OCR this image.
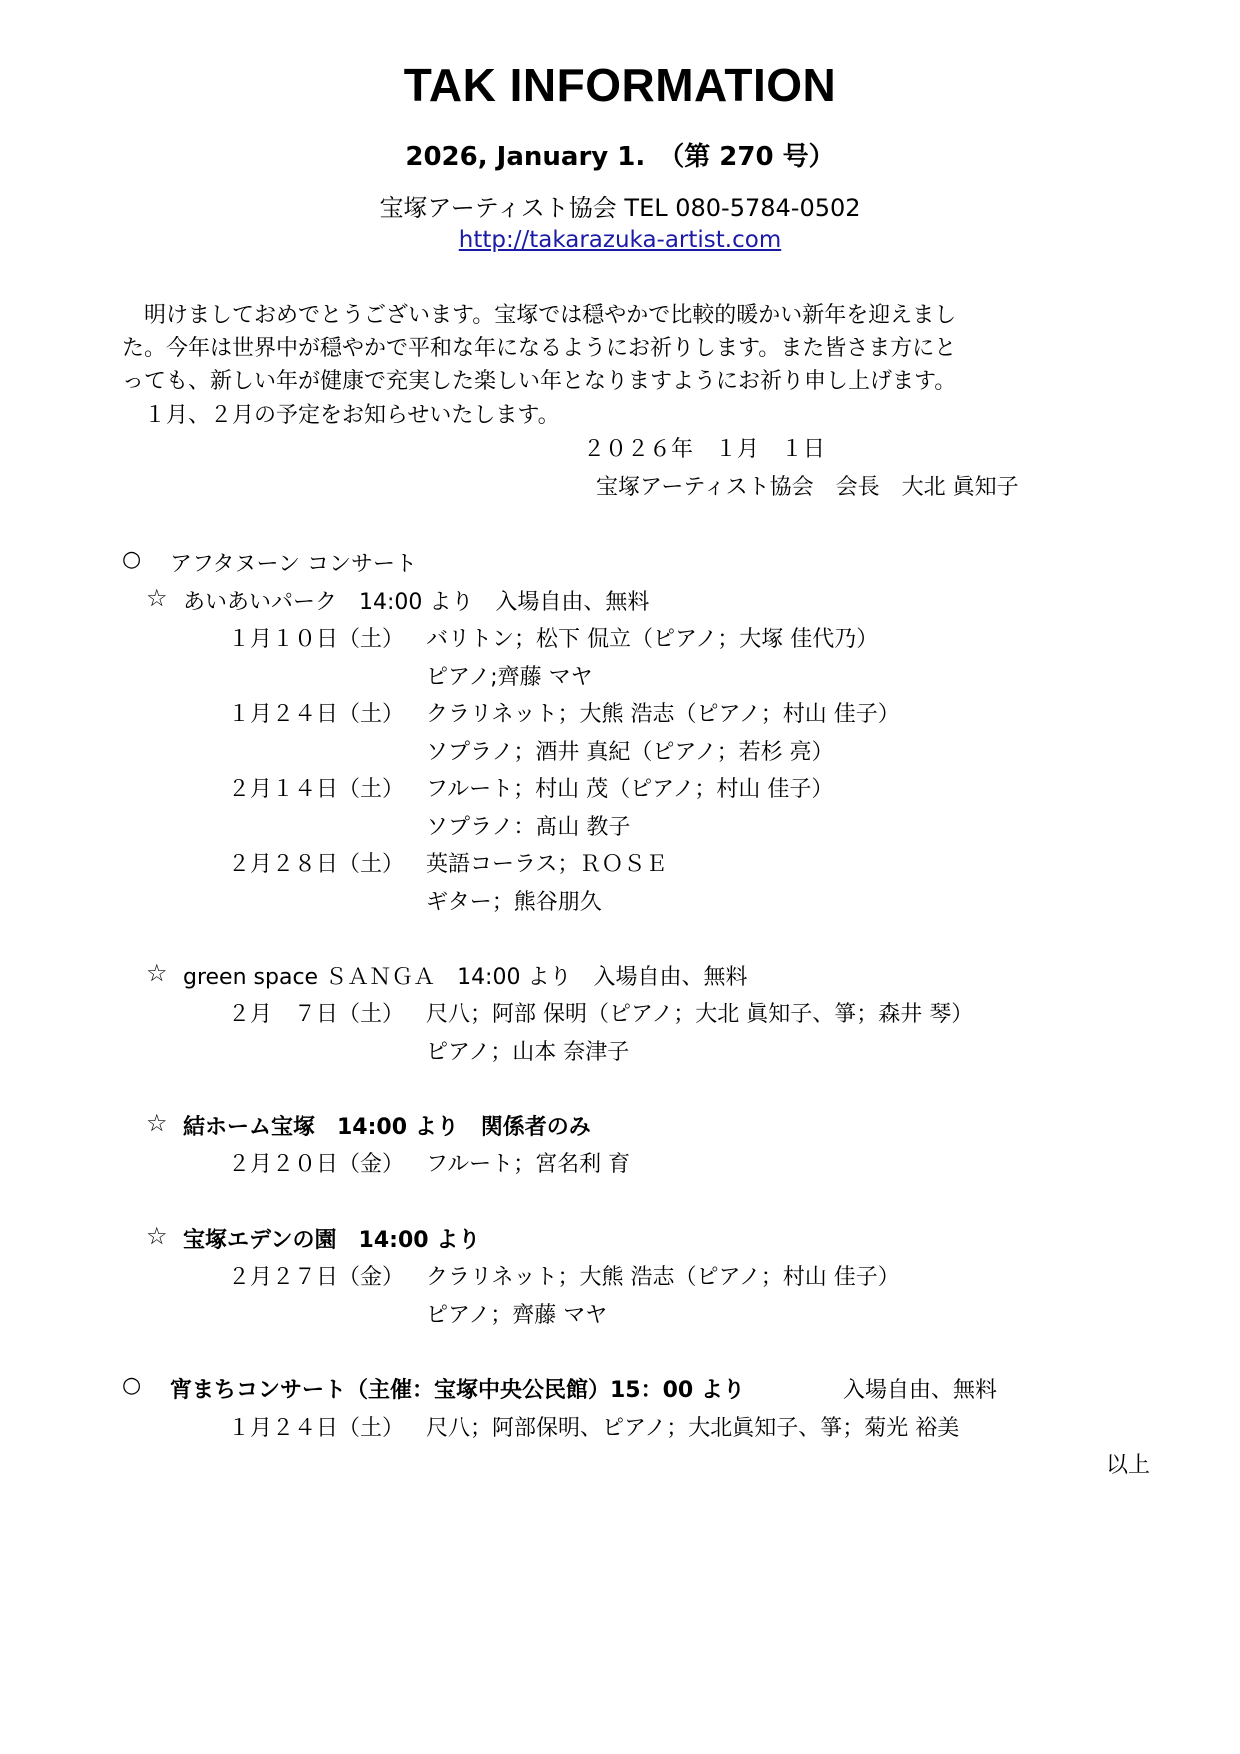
TAK INFORMATION
2026, January 1.　（第 270 号）
宝塚アーティスト協会 TEL 080-5784-0502
http://takarazuka-artist.com
　明けましておめでとうございます。宝塚では穏やかで比較的暖かい新年を迎えまし
た。今年は世界中が穏やかで平和な年になるようにお祈りします。また皆さま方にと
っても、新しい年が健康で充実した楽しい年となりますようにお祈り申し上げます。
　１月、２月の予定をお知らせいたします。
２０２６年　１月　１日
宝塚アーティスト協会　会長　大北 眞知子
○ アフタヌーン コンサート
☆ あいあいパーク　14:00 より　入場自由、無料
１月１０日（土） バリトン；松下 侃立（ピアノ；大塚 佳代乃）
ピアノ;齊藤 マヤ
１月２４日（土） クラリネット；大熊 浩志（ピアノ；村山 佳子）
ソプラノ；酒井 真紀（ピアノ；若杉 亮）
２月１４日（土） フルート；村山 茂（ピアノ；村山 佳子）
ソプラノ：髙山 教子
２月２８日（土） 英語コーラス；ＲＯＳＥ
ギター；熊谷朋久
☆ green space ＳＡＮＧＡ　14:00 より　入場自由、無料
２月　７日（土） 尺八；阿部 保明（ピアノ；大北 眞知子、箏；森井 琴）
ピアノ；山本 奈津子
☆ 結ホーム宝塚　14:00 より　関係者のみ
２月２０日（金） フルート；宮名利 育
☆ 宝塚エデンの園　14:00 より
２月２７日（金） クラリネット；大熊 浩志（ピアノ；村山 佳子）
ピアノ；齊藤 マヤ
○ 宵まちコンサート（主催：宝塚中央公民館）15：00 より	入場自由、無料
１月２４日（土） 尺八；阿部保明、ピアノ；大北眞知子、箏；菊光 裕美
以上
